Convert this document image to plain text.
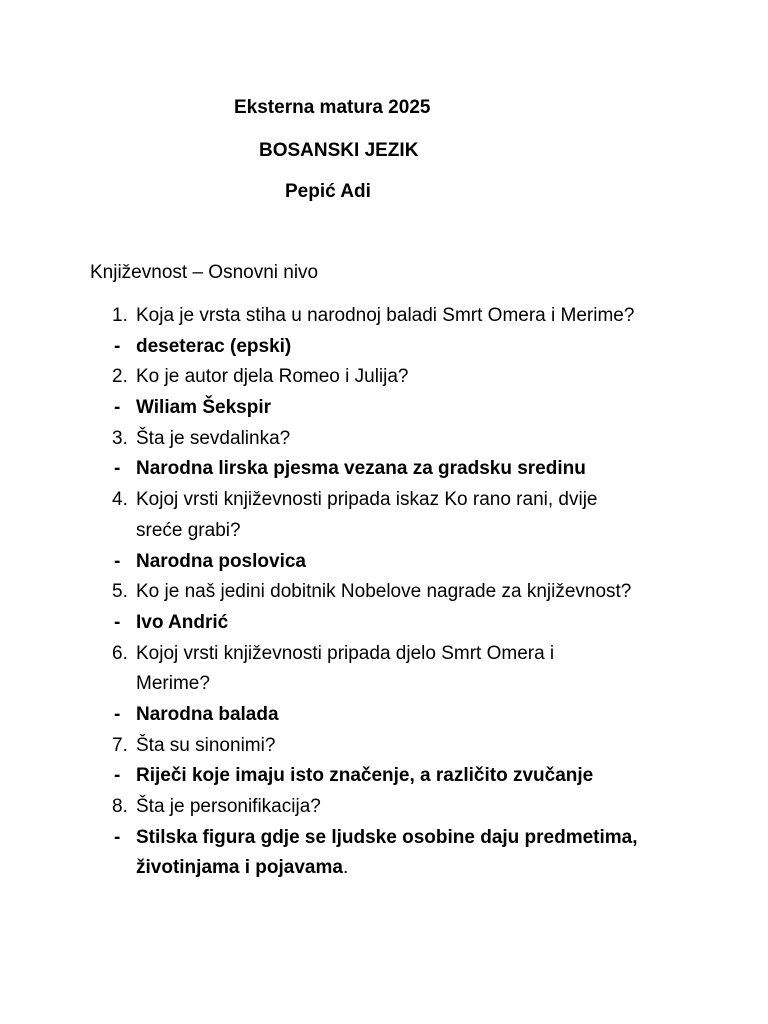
Eksterna matura 2025
BOSANSKI JEZIK
Pepić Adi
Književnost – Osnovni nivo
1. Koja je vrsta stiha u narodnoj baladi Smrt Omera i Merime?
- deseterac (epski)
2. Ko je autor djela Romeo i Julija?
- Wiliam Šekspir
3. Šta je sevdalinka?
- Narodna lirska pjesma vezana za gradsku sredinu
4. Kojoj vrsti književnosti pripada iskaz Ko rano rani, dvije
sreće grabi?
- Narodna poslovica
5. Ko je naš jedini dobitnik Nobelove nagrade za književnost?
- Ivo Andrić
6. Kojoj vrsti književnosti pripada djelo Smrt Omera i
Merime?
- Narodna balada
7. Šta su sinonimi?
- Riječi koje imaju isto značenje, a različito zvučanje
8. Šta je personifikacija?
- Stilska figura gdje se ljudske osobine daju predmetima,
životinjama i pojavama.
